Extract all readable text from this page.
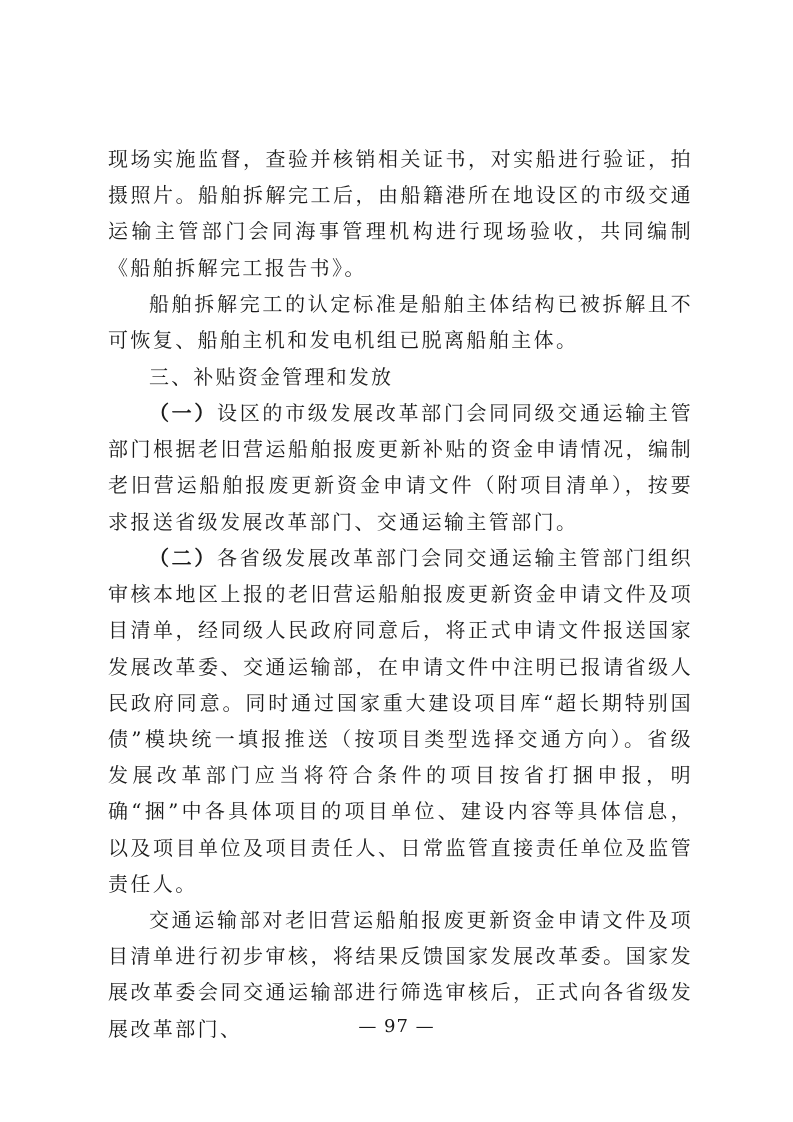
现场实施监督，查验并核销相关证书，对实船进行验证，拍摄照片。船舶拆解完工后，由船籍港所在地设区的市级交通运输主管部门会同海事管理机构进行现场验收，共同编制《船舶拆解完工报告书》。

船舶拆解完工的认定标准是船舶主体结构已被拆解且不可恢复、船舶主机和发电机组已脱离船舶主体。

三、补贴资金管理和发放

（一）设区的市级发展改革部门会同同级交通运输主管部门根据老旧营运船舶报废更新补贴的资金申请情况，编制老旧营运船舶报废更新资金申请文件（附项目清单），按要求报送省级发展改革部门、交通运输主管部门。

（二）各省级发展改革部门会同交通运输主管部门组织审核本地区上报的老旧营运船舶报废更新资金申请文件及项目清单，经同级人民政府同意后，将正式申请文件报送国家发展改革委、交通运输部，在申请文件中注明已报请省级人民政府同意。同时通过国家重大建设项目库“超长期特别国债”模块统一填报推送（按项目类型选择交通方向）。省级发展改革部门应当将符合条件的项目按省打捆申报，明确“捆”中各具体项目的项目单位、建设内容等具体信息，以及项目单位及项目责任人、日常监管直接责任单位及监管责任人。

交通运输部对老旧营运船舶报废更新资金申请文件及项目清单进行初步审核，将结果反馈国家发展改革委。国家发展改革委会同交通运输部进行筛选审核后，正式向各省级发展改革部门、	— 97 —
